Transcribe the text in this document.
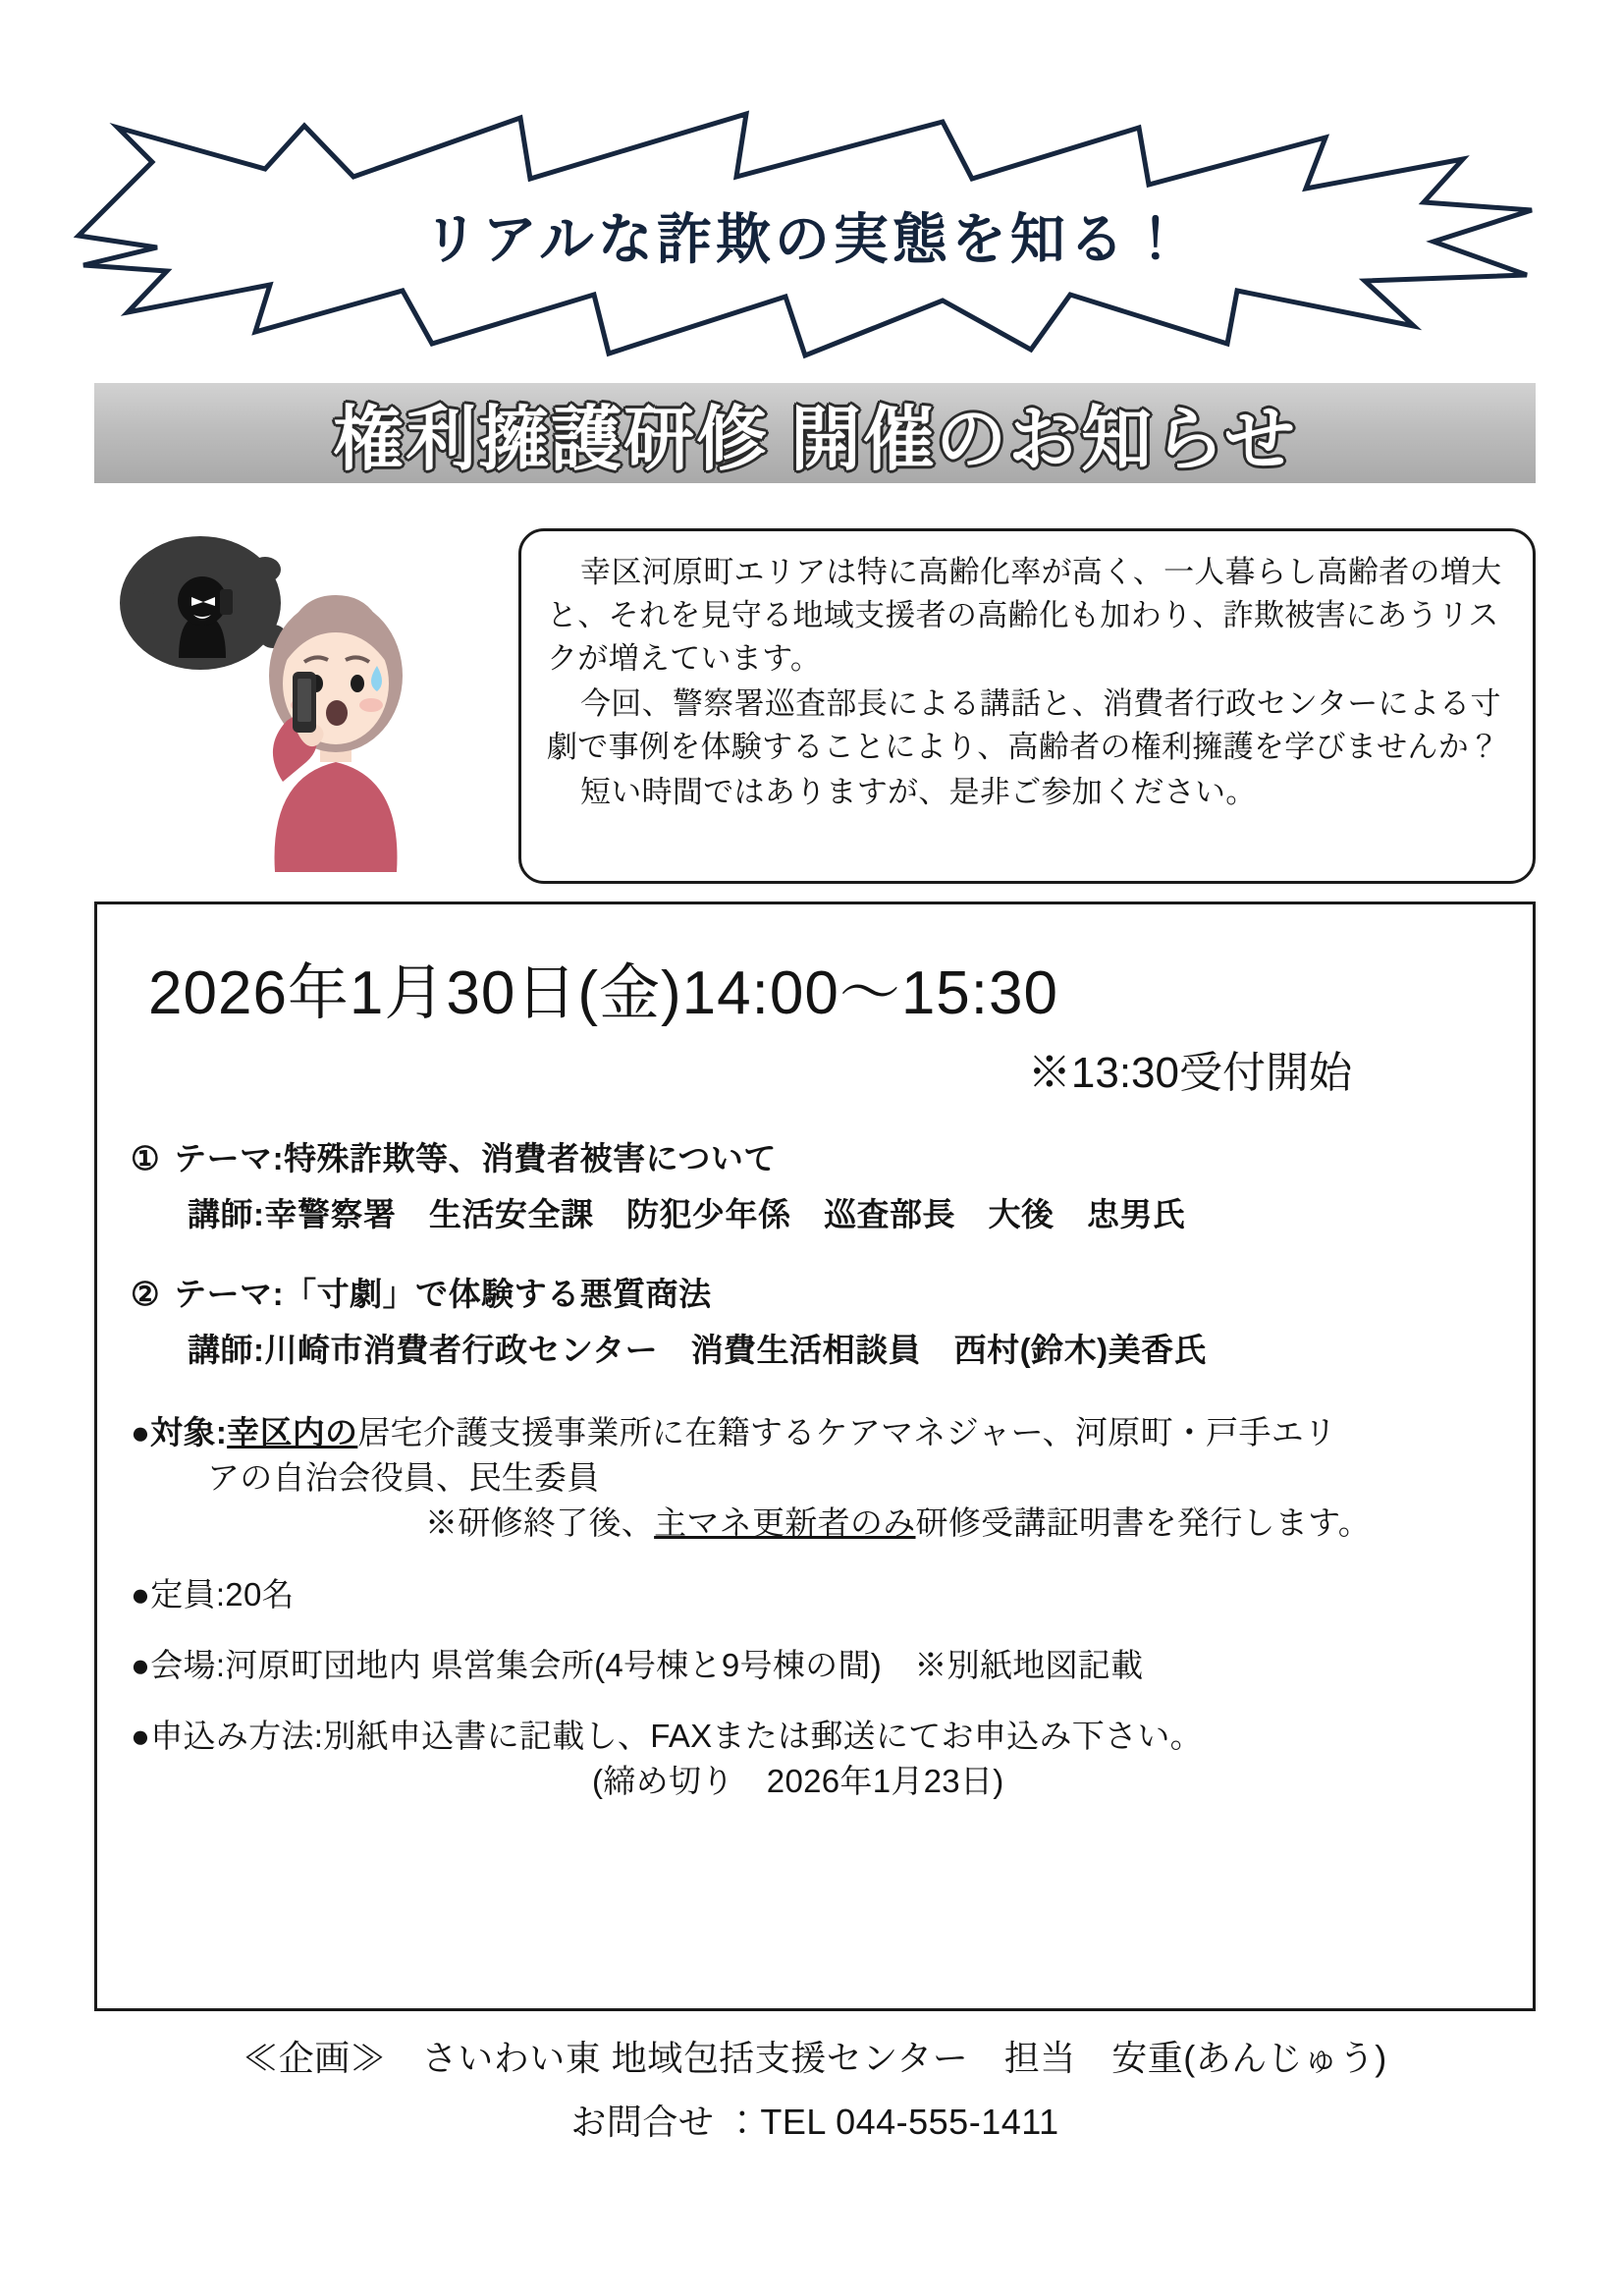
リアルな詐欺の実態を知る！
権利擁護研修 開催のお知らせ

幸区河原町エリアは特に高齢化率が高く、一人暮らし高齢者の増大と、それを見守る地域支援者の高齢化も加わり、詐欺被害にあうリスクが増えています。

今回、警察署巡査部長による講話と、消費者行政センターによる寸劇で事例を体験することにより、高齢者の権利擁護を学びませんか？

短い時間ではありますが、是非ご参加ください。

2026年1月30日(金)14:00〜15:30
※13:30受付開始
① テーマ:特殊詐欺等、消費者被害について
講師:幸警察署　生活安全課　防犯少年係　巡査部長　大後　忠男氏
② テーマ:「寸劇」で体験する悪質商法
講師:川崎市消費者行政センター　消費生活相談員　西村(鈴木)美香氏
●対象:幸区内の居宅介護支援事業所に在籍するケアマネジャー、河原町・戸手エリ
アの自治会役員、民生委員
※研修終了後、主マネ更新者のみ研修受講証明書を発行します。
●定員:20名
●会場:河原町団地内 県営集会所(4号棟と9号棟の間)　※別紙地図記載
●申込み方法:別紙申込書に記載し、FAXまたは郵送にてお申込み下さい。
(締め切り　2026年1月23日)
≪企画≫　さいわい東 地域包括支援センター　担当　安重(あんじゅう)
お問合せ ：TEL 044-555-1411
